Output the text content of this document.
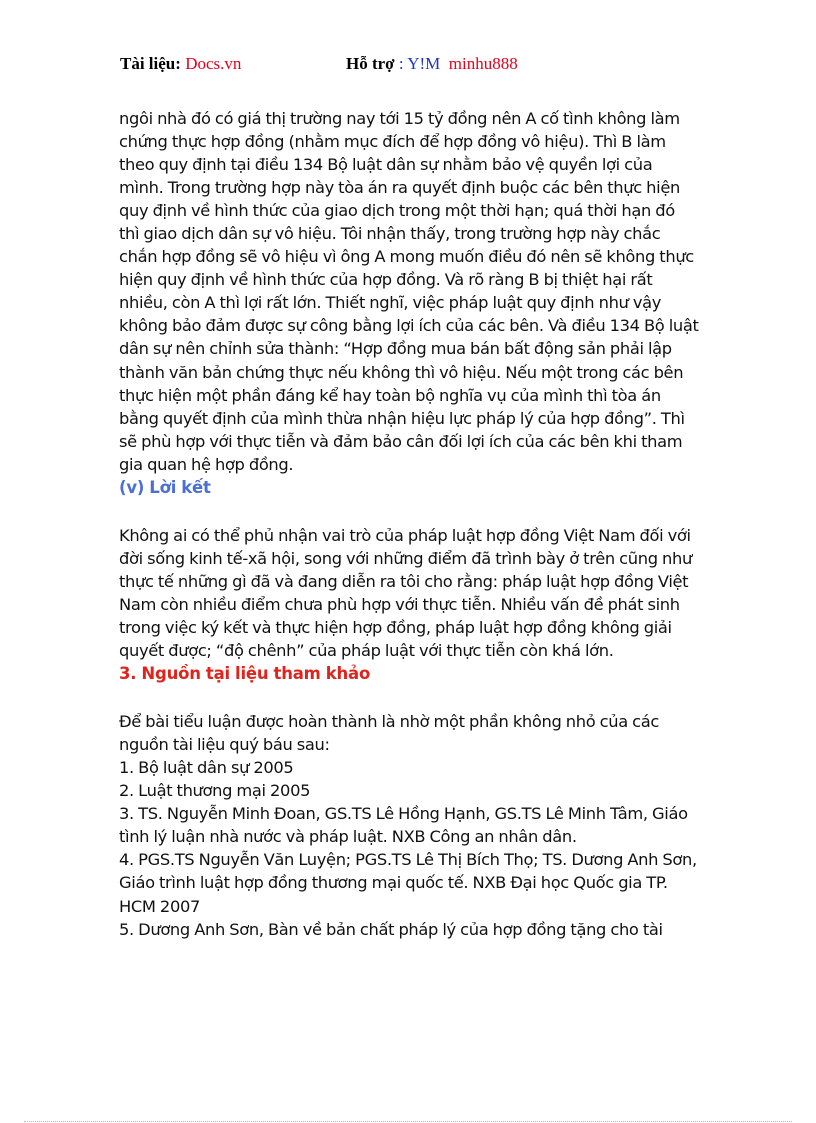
Tài liệu: Docs.vn	Hỗ trợ : Y!M minhu888

ngôi nhà đó có giá thị trường nay tới 15 tỷ đồng nên A cố tình không làm chứng thực hợp đồng (nhằm mục đích để hợp đồng vô hiệu). Thì B làm theo quy định tại điều 134 Bộ luật dân sự nhằm bảo vệ quyền lợi của mình. Trong trường hợp này tòa án ra quyết định buộc các bên thực hiện quy định về hình thức của giao dịch trong một thời hạn; quá thời hạn đó thì giao dịch dân sự vô hiệu. Tôi nhận thấy, trong trường hợp này chắc chắn hợp đồng sẽ vô hiệu vì ông A mong muốn điều đó nên sẽ không thực hiện quy định về hình thức của hợp đồng. Và rõ ràng B bị thiệt hại rất nhiều, còn A thì lợi rất lớn. Thiết nghĩ, việc pháp luật quy định như vậy không bảo đảm được sự công bằng lợi ích của các bên. Và điều 134 Bộ luật dân sự nên chỉnh sửa thành: “Hợp đồng mua bán bất động sản phải lập thành văn bản chứng thực nếu không thì vô hiệu. Nếu một trong các bên thực hiện một phần đáng kể hay toàn bộ nghĩa vụ của mình thì tòa án bằng quyết định của mình thừa nhận hiệu lực pháp lý của hợp đồng”. Thì sẽ phù hợp với thực tiễn và đảm bảo cân đối lợi ích của các bên khi tham gia quan hệ hợp đồng.

(v) Lời kết

Không ai có thể phủ nhận vai trò của pháp luật hợp đồng Việt Nam đối với đời sống kinh tế-xã hội, song với những điểm đã trình bày ở trên cũng như thực tế những gì đã và đang diễn ra tôi cho rằng: pháp luật hợp đồng Việt Nam còn nhiều điểm chưa phù hợp với thực tiễn. Nhiều vấn đề phát sinh trong việc ký kết và thực hiện hợp đồng, pháp luật hợp đồng không giải quyết được; “độ chênh” của pháp luật với thực tiễn còn khá lớn.

3. Nguồn tại liệu tham khảo

Để bài tiểu luận được hoàn thành là nhờ một phần không nhỏ của các nguồn tài liệu quý báu sau:

1. Bộ luật dân sự 2005

2. Luật thương mại 2005

3. TS. Nguyễn Minh Đoan, GS.TS Lê Hồng Hạnh, GS.TS Lê Minh Tâm, Giáo tình lý luận nhà nước và pháp luật. NXB Công an nhân dân.

4. PGS.TS Nguyễn Văn Luyện; PGS.TS Lê Thị Bích Thọ; TS. Dương Anh Sơn, Giáo trình luật hợp đồng thương mại quốc tế. NXB Đại học Quốc gia TP. HCM 2007

5. Dương Anh Sơn, Bàn về bản chất pháp lý của hợp đồng tặng cho tài
